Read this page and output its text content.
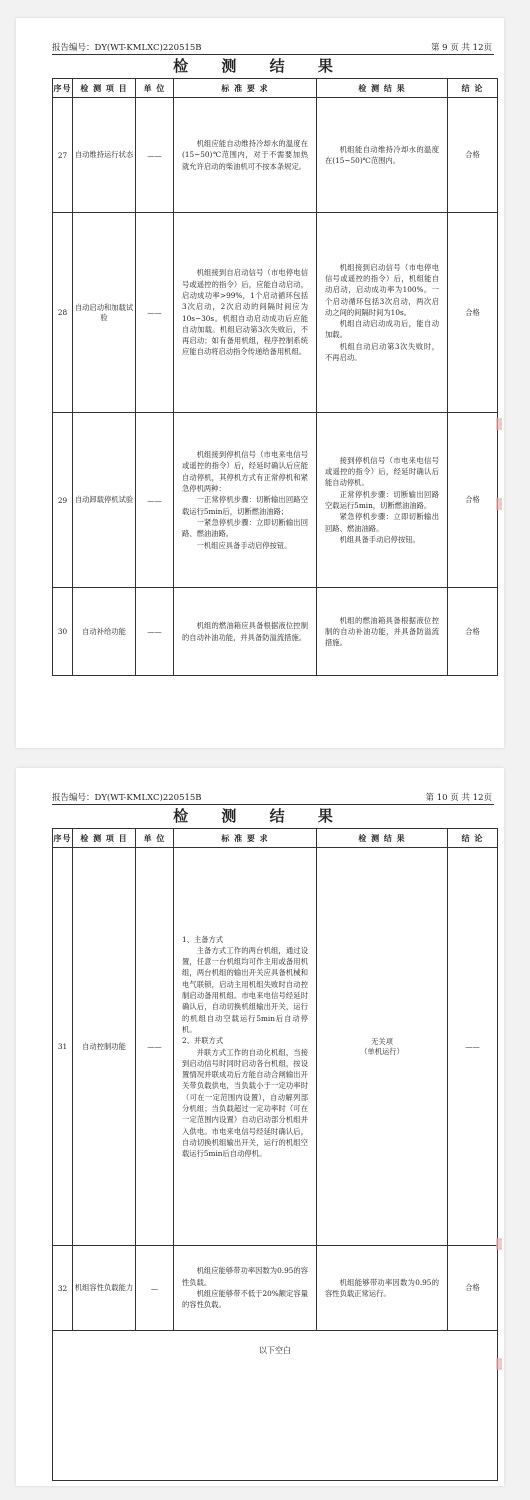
报告编号：DY(WT-KMLXC)220515B	第 9 页 共 12页
检 测 结 果
序号	检 测 项 目	单 位	标 准 要 求	检 测 结 果	结 论
27	自动维持运行状态	——	机组应能自动维持冷却水的温度在(15~50)℃范围内，对于不需要加热就允许启动的柴油机可不按本条规定。	机组能自动维持冷却水的温度在(15~50)℃范围内。	合格
28	自动启动和加载试验	——	机组接到自启动信号（市电停电信号或遥控的指令）后，应能自动启动，启动成功率>99%，1个启动循环包括3次启动，2次启动的间隔时间应为10s~30s。机组自动启动成功后应能自动加载。机组启动第3次失败后，不再启动；如有备用机组，程序控制系统应能自动将启动指令传递给备用机组。	机组接到启动信号（市电停电信号或遥控的指令）后，机组能自动启动，启动成功率为100%。一个启动循环包括3次启动，两次启动之间的间隔时间为10s。
机组自动启动成功后，能自动加载。
机组自动启动第3次失败时，不再启动。	合格
29	自动卸载停机试验	——	机组接到停机信号（市电来电信号或遥控的指令）后，经延时确认后应能自动停机，其停机方式有正常停机和紧急停机两种：
一正常停机步骤：切断输出回路空载运行5min后，切断燃油油路；
一紧急停机步骤：立即切断输出回路、燃油油路。
一机组应具备手动启停按钮。	接到停机信号（市电来电信号或遥控的指令）后，经延时确认后能自动停机。
正常停机步骤：切断输出回路空载运行5min，切断燃油油路。
紧急停机步骤：立即切断输出回路、燃油油路。
机组具备手动启停按钮。	合格
30	自动补给功能	——	机组的燃油箱应具备根据液位控制的自动补油功能，并具备防溢流措施。	机组的燃油箱具备根据液位控制的自动补油功能，并具备防溢流措施。	合格
报告编号：DY(WT-KMLXC)220515B	第 10 页 共 12页
检 测 结 果
序号	检 测 项 目	单 位	标 准 要 求	检 测 结 果	结 论
31	自动控制功能	——	1、主备方式
主备方式工作的两台机组，通过设置，任意一台机组均可作主用或备用机组，两台机组的输出开关应具备机械和电气联锁，启动主用机组失败时自动控制启动备用机组。市电来电信号经延时确认后，自动切换机组输出开关，运行的机组自动空载运行5min后自动停机。
2、并联方式
并联方式工作的自动化机组，当接到启动信号时同时启动各台机组，按设置情况并联成功后方能自动合闸输出开关带负载供电，当负载小于一定功率时（可在一定范围内设置），自动解列部分机组；当负载超过一定功率时（可在一定范围内设置）自动启动部分机组并入供电。市电来电信号经延时确认后，自动切换机组输出开关，运行的机组空载运行5min后自动停机。	无关项
（单机运行）	——
32	机组容性负载能力	—	机组应能够带功率因数为0.95的容性负载。
机组应能够带不低于20%额定容量的容性负载。	机组能够带功率因数为0.95的容性负载正常运行。	合格
以下空白					
